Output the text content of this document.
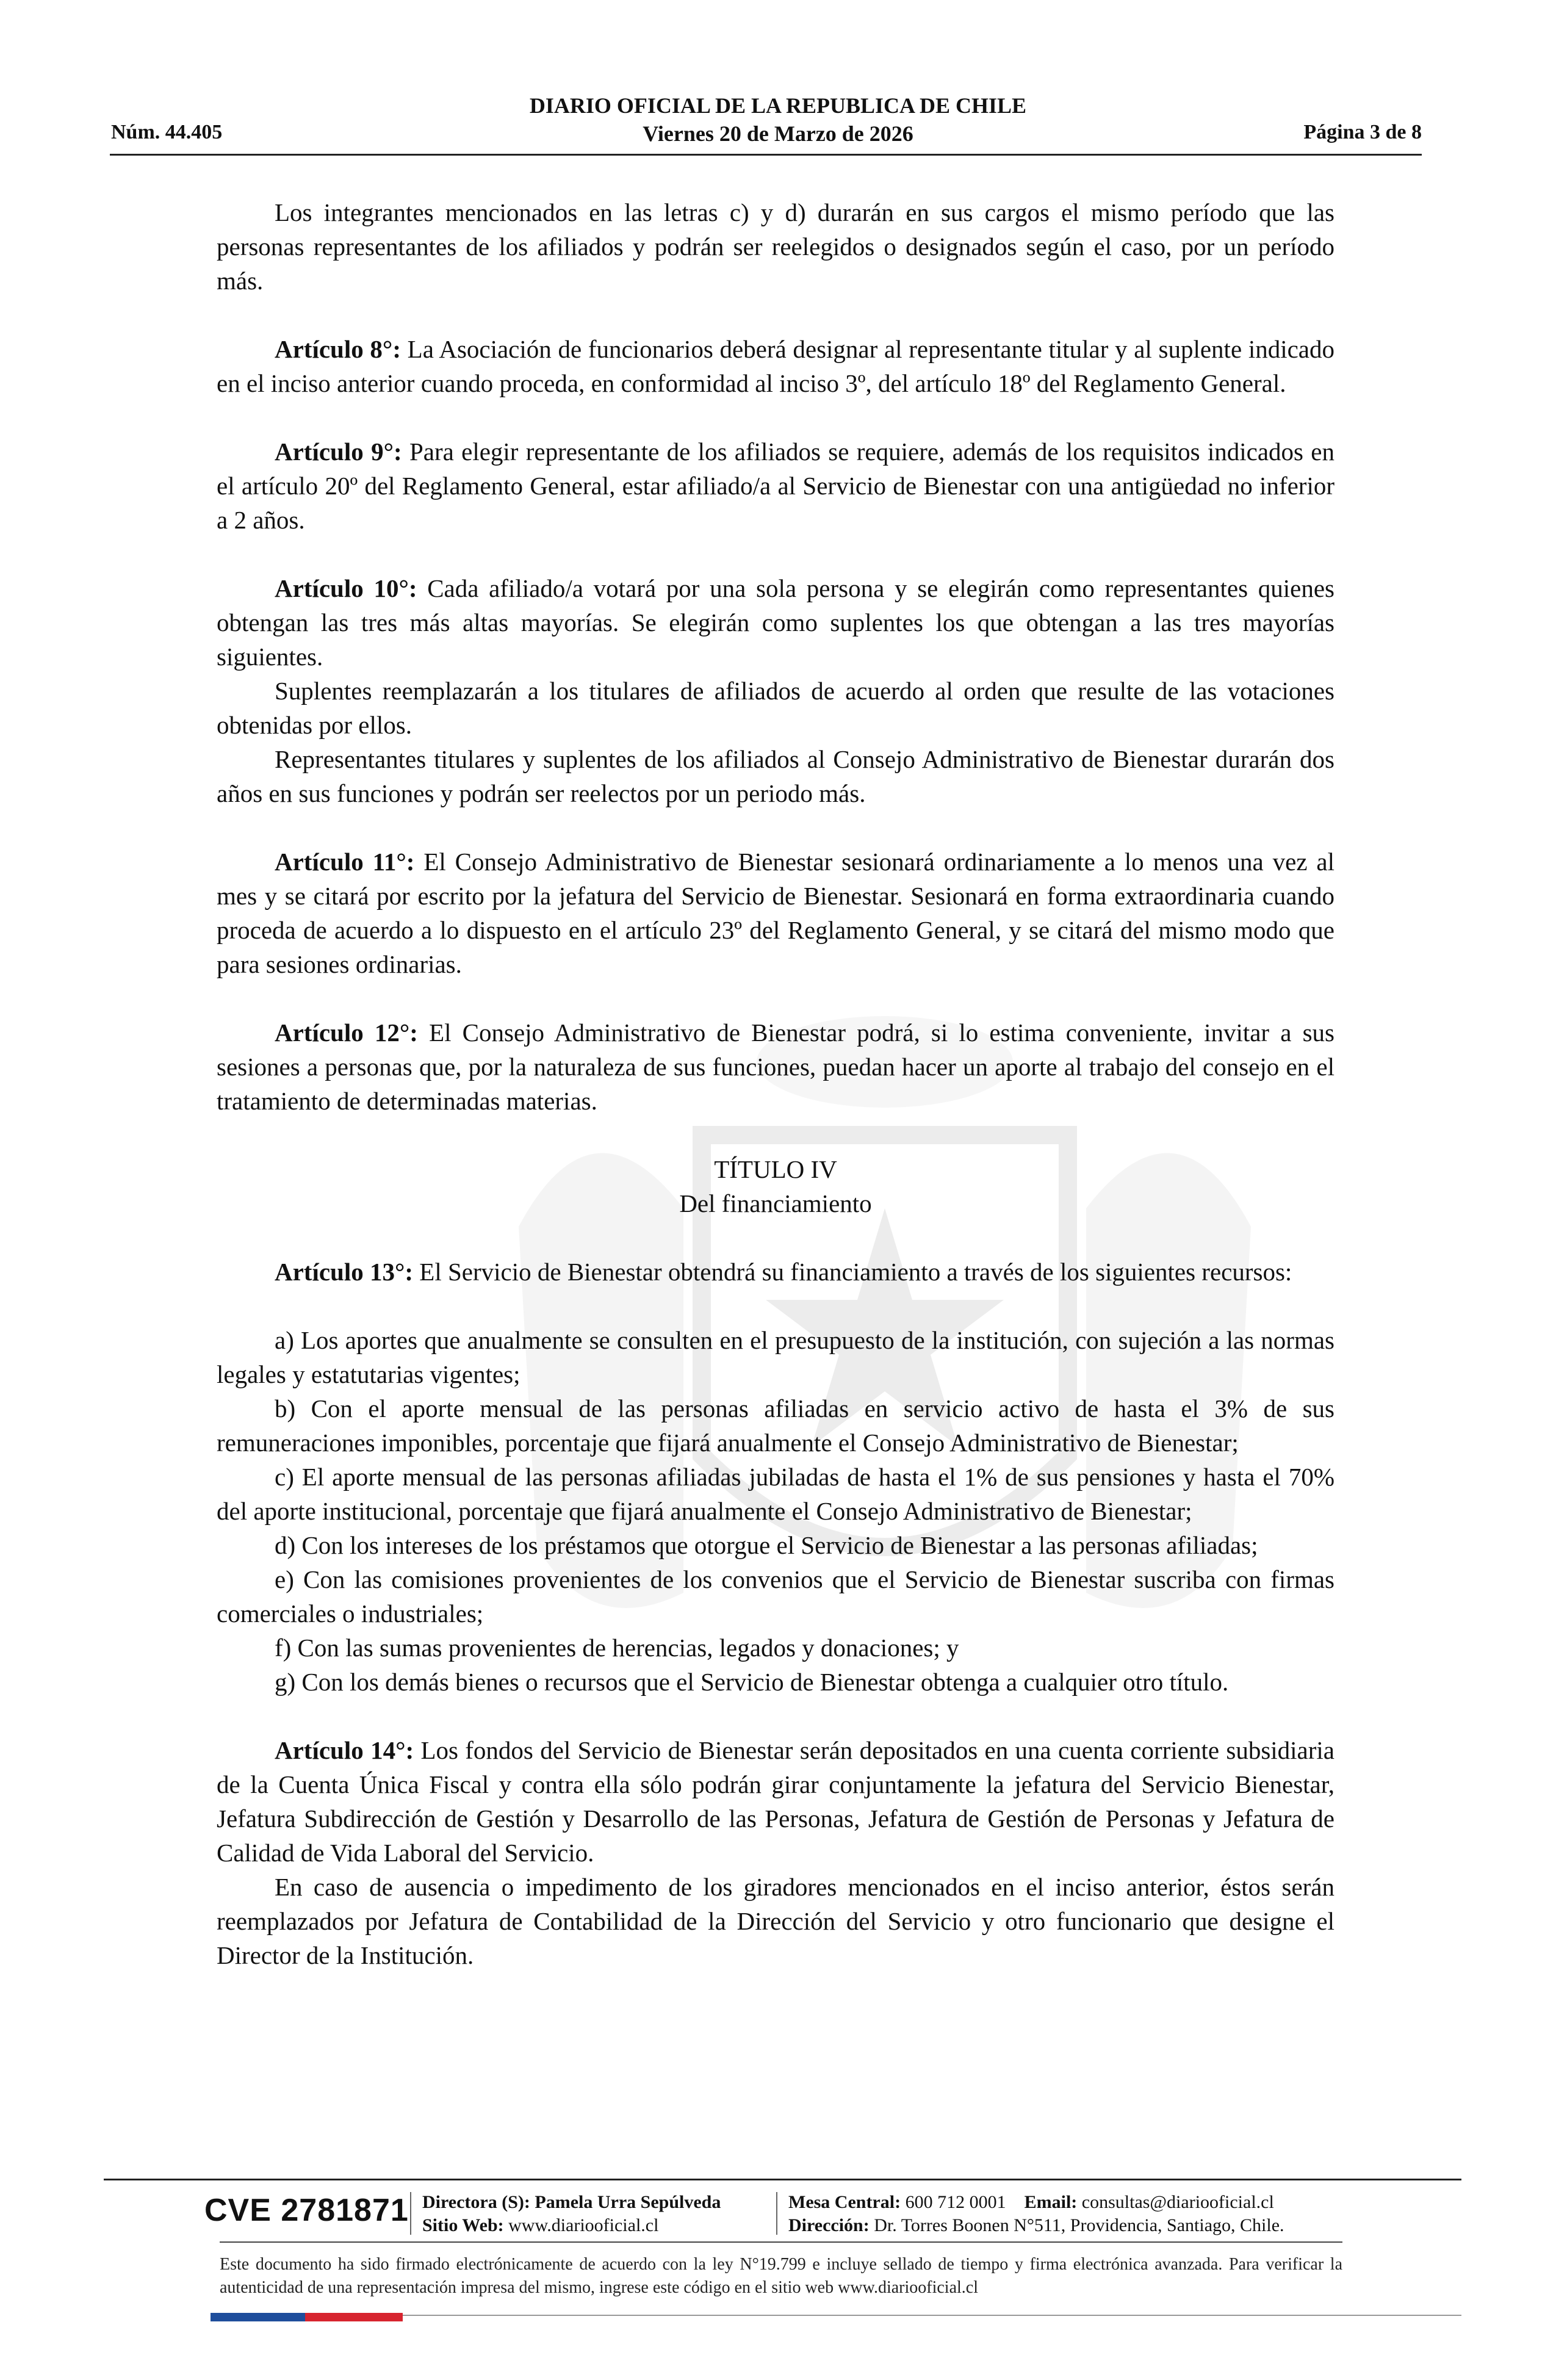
DIARIO OFICIAL DE LA REPUBLICA DE CHILE
Viernes 20 de Marzo de 2026
Núm. 44.405	Página 3 de 8

Los integrantes mencionados en las letras c) y d) durarán en sus cargos el mismo período que las personas representantes de los afiliados y podrán ser reelegidos o designados según el caso, por un período más.

Artículo 8°: La Asociación de funcionarios deberá designar al representante titular y al suplente indicado en el inciso anterior cuando proceda, en conformidad al inciso 3º, del artículo 18º del Reglamento General.

Artículo 9°: Para elegir representante de los afiliados se requiere, además de los requisitos indicados en el artículo 20º del Reglamento General, estar afiliado/a al Servicio de Bienestar con una antigüedad no inferior a 2 años.

Artículo 10°: Cada afiliado/a votará por una sola persona y se elegirán como representantes quienes obtengan las tres más altas mayorías. Se elegirán como suplentes los que obtengan a las tres mayorías siguientes.

Suplentes reemplazarán a los titulares de afiliados de acuerdo al orden que resulte de las votaciones obtenidas por ellos.

Representantes titulares y suplentes de los afiliados al Consejo Administrativo de Bienestar durarán dos años en sus funciones y podrán ser reelectos por un periodo más.

Artículo 11°: El Consejo Administrativo de Bienestar sesionará ordinariamente a lo menos una vez al mes y se citará por escrito por la jefatura del Servicio de Bienestar. Sesionará en forma extraordinaria cuando proceda de acuerdo a lo dispuesto en el artículo 23º del Reglamento General, y se citará del mismo modo que para sesiones ordinarias.

Artículo 12°: El Consejo Administrativo de Bienestar podrá, si lo estima conveniente, invitar a sus sesiones a personas que, por la naturaleza de sus funciones, puedan hacer un aporte al trabajo del consejo en el tratamiento de determinadas materias.

TÍTULO IV
Del financiamiento

Artículo 13°: El Servicio de Bienestar obtendrá su financiamiento a través de los siguientes recursos:

a) Los aportes que anualmente se consulten en el presupuesto de la institución, con sujeción a las normas legales y estatutarias vigentes;

b) Con el aporte mensual de las personas afiliadas en servicio activo de hasta el 3% de sus remuneraciones imponibles, porcentaje que fijará anualmente el Consejo Administrativo de Bienestar;

c) El aporte mensual de las personas afiliadas jubiladas de hasta el 1% de sus pensiones y hasta el 70% del aporte institucional, porcentaje que fijará anualmente el Consejo Administrativo de Bienestar;

d) Con los intereses de los préstamos que otorgue el Servicio de Bienestar a las personas afiliadas;

e) Con las comisiones provenientes de los convenios que el Servicio de Bienestar suscriba con firmas comerciales o industriales;

f) Con las sumas provenientes de herencias, legados y donaciones; y

g) Con los demás bienes o recursos que el Servicio de Bienestar obtenga a cualquier otro título.

Artículo 14°: Los fondos del Servicio de Bienestar serán depositados en una cuenta corriente subsidiaria de la Cuenta Única Fiscal y contra ella sólo podrán girar conjuntamente la jefatura del Servicio Bienestar, Jefatura Subdirección de Gestión y Desarrollo de las Personas, Jefatura de Gestión de Personas y Jefatura de Calidad de Vida Laboral del Servicio.

En caso de ausencia o impedimento de los giradores mencionados en el inciso anterior, éstos serán reemplazados por Jefatura de Contabilidad de la Dirección del Servicio y otro funcionario que designe el Director de la Institución.

CVE 2781871 Directora (S): Pamela Urra Sepúlveda
Sitio Web: www.diariooficial.cl
Mesa Central: 600 712 0001 Email: consultas@diariooficial.cl
Dirección: Dr. Torres Boonen N°511, Providencia, Santiago, Chile.
Este documento ha sido firmado electrónicamente de acuerdo con la ley N°19.799 e incluye sellado de tiempo y firma electrónica avanzada. Para verificar la autenticidad de una representación impresa del mismo, ingrese este código en el sitio web www.diariooficial.cl
